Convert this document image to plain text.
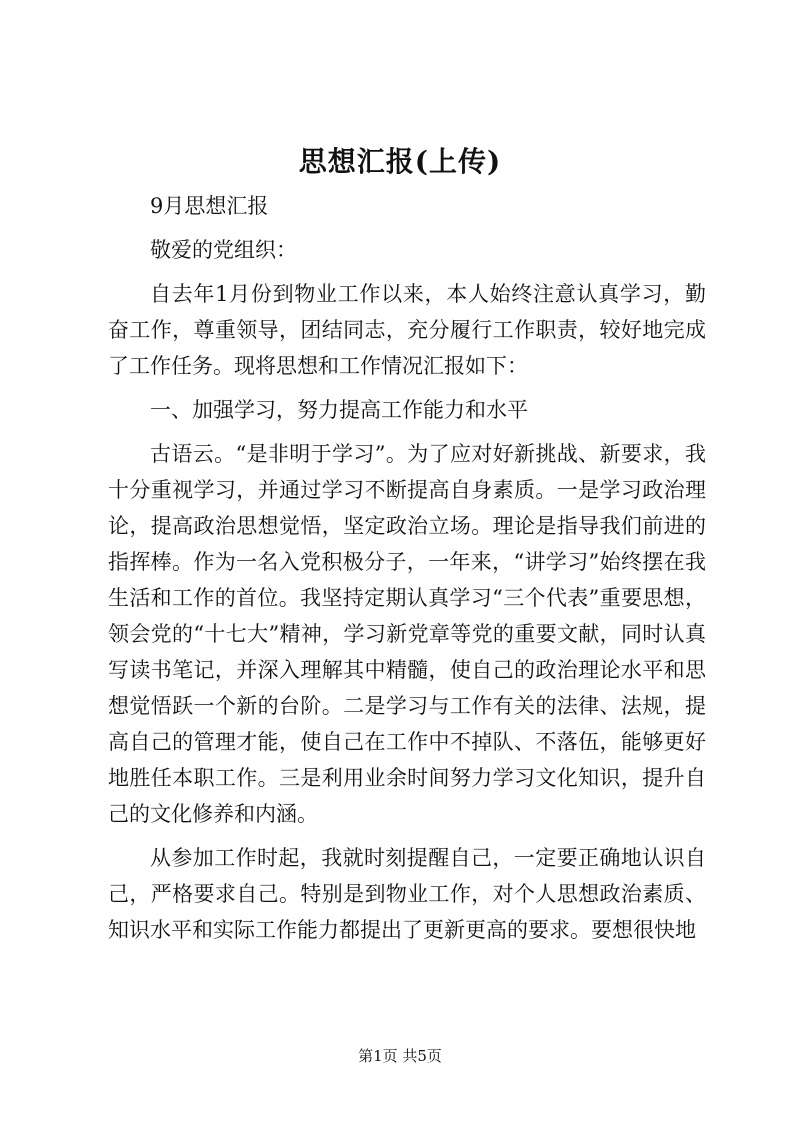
思想汇报(上传)

9月思想汇报

敬爱的党组织：

自去年1月份到物业工作以来，本人始终注意认真学习，勤奋工作，尊重领导，团结同志，充分履行工作职责，较好地完成了工作任务。现将思想和工作情况汇报如下：

一、加强学习，努力提高工作能力和水平

古语云。“是非明于学习”。为了应对好新挑战、新要求，我十分重视学习，并通过学习不断提高自身素质。一是学习政治理论，提高政治思想觉悟，坚定政治立场。理论是指导我们前进的指挥棒。作为一名入党积极分子，一年来，“讲学习”始终摆在我生活和工作的首位。我坚持定期认真学习“三个代表”重要思想，领会党的“十七大”精神，学习新党章等党的重要文献，同时认真写读书笔记，并深入理解其中精髓，使自己的政治理论水平和思想觉悟跃一个新的台阶。二是学习与工作有关的法律、法规，提高自己的管理才能，使自己在工作中不掉队、不落伍，能够更好地胜任本职工作。三是利用业余时间努力学习文化知识，提升自己的文化修养和内涵。

从参加工作时起，我就时刻提醒自己，一定要正确地认识自己，严格要求自己。特别是到物业工作，对个人思想政治素质、知识水平和实际工作能力都提出了更新更高的要求。要想很快地

第1页 共5页
